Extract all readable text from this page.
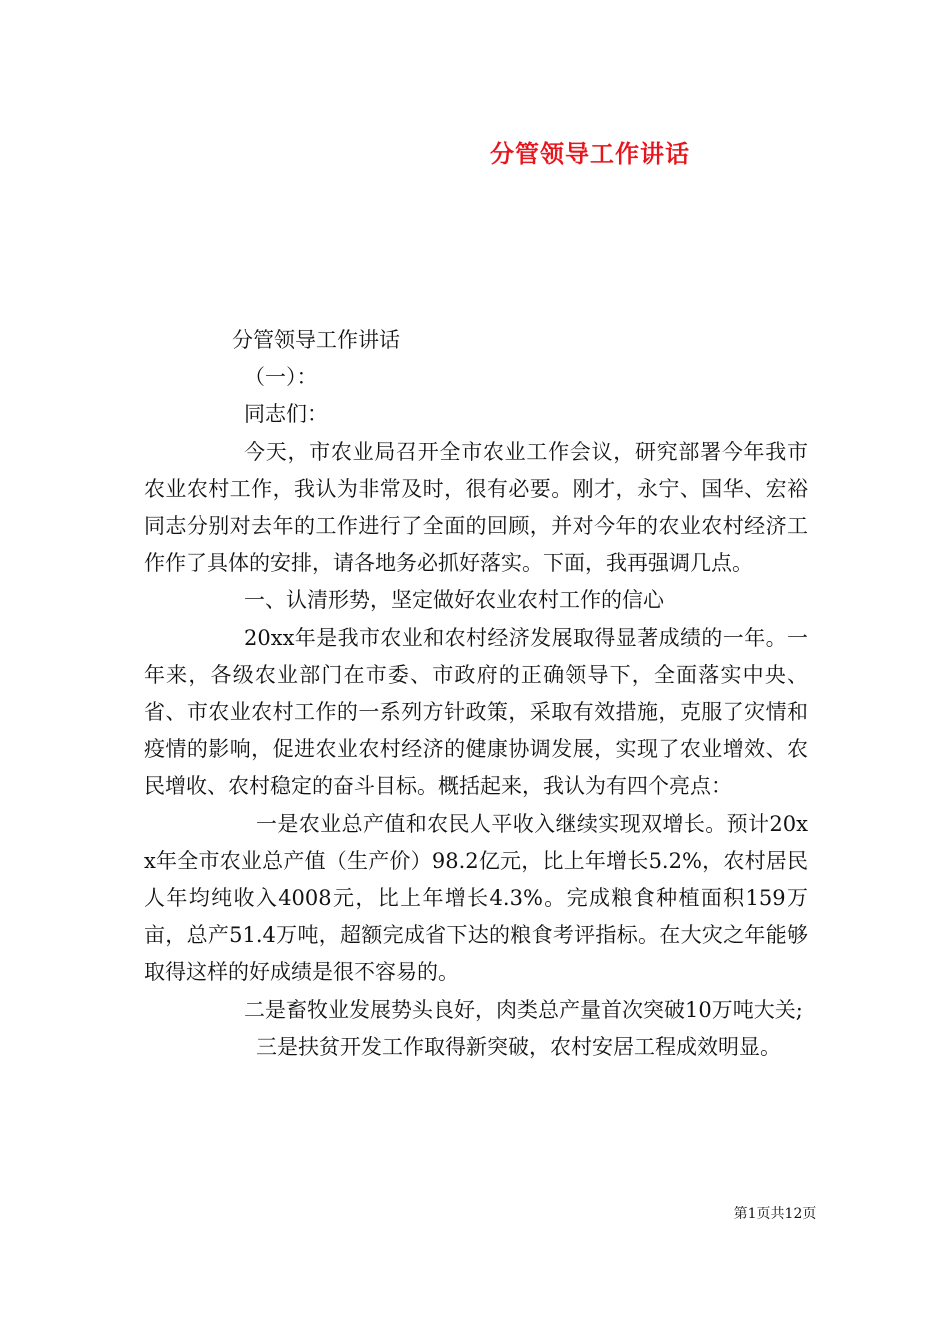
分管领导工作讲话

分管领导工作讲话

（一）：

同志们：

今天，市农业局召开全市农业工作会议，研究部署今年我市农业农村工作，我认为非常及时，很有必要。刚才，永宁、国华、宏裕同志分别对去年的工作进行了全面的回顾，并对今年的农业农村经济工作作了具体的安排，请各地务必抓好落实。下面，我再强调几点。

一、认清形势，坚定做好农业农村工作的信心

20xx年是我市农业和农村经济发展取得显著成绩的一年。一年来，各级农业部门在市委、市政府的正确领导下，全面落实中央、省、市农业农村工作的一系列方针政策，采取有效措施，克服了灾情和疫情的影响，促进农业农村经济的健康协调发展，实现了农业增效、农民增收、农村稳定的奋斗目标。概括起来，我认为有四个亮点：

一是农业总产值和农民人平收入继续实现双增长。预计20xx年全市农业总产值（生产价）98.2亿元，比上年增长5.2%，农村居民人年均纯收入4008元，比上年增长4.3%。完成粮食种植面积159万亩，总产51.4万吨，超额完成省下达的粮食考评指标。在大灾之年能够取得这样的好成绩是很不容易的。

二是畜牧业发展势头良好，肉类总产量首次突破10万吨大关;

三是扶贫开发工作取得新突破，农村安居工程成效明显。

第1页共12页
